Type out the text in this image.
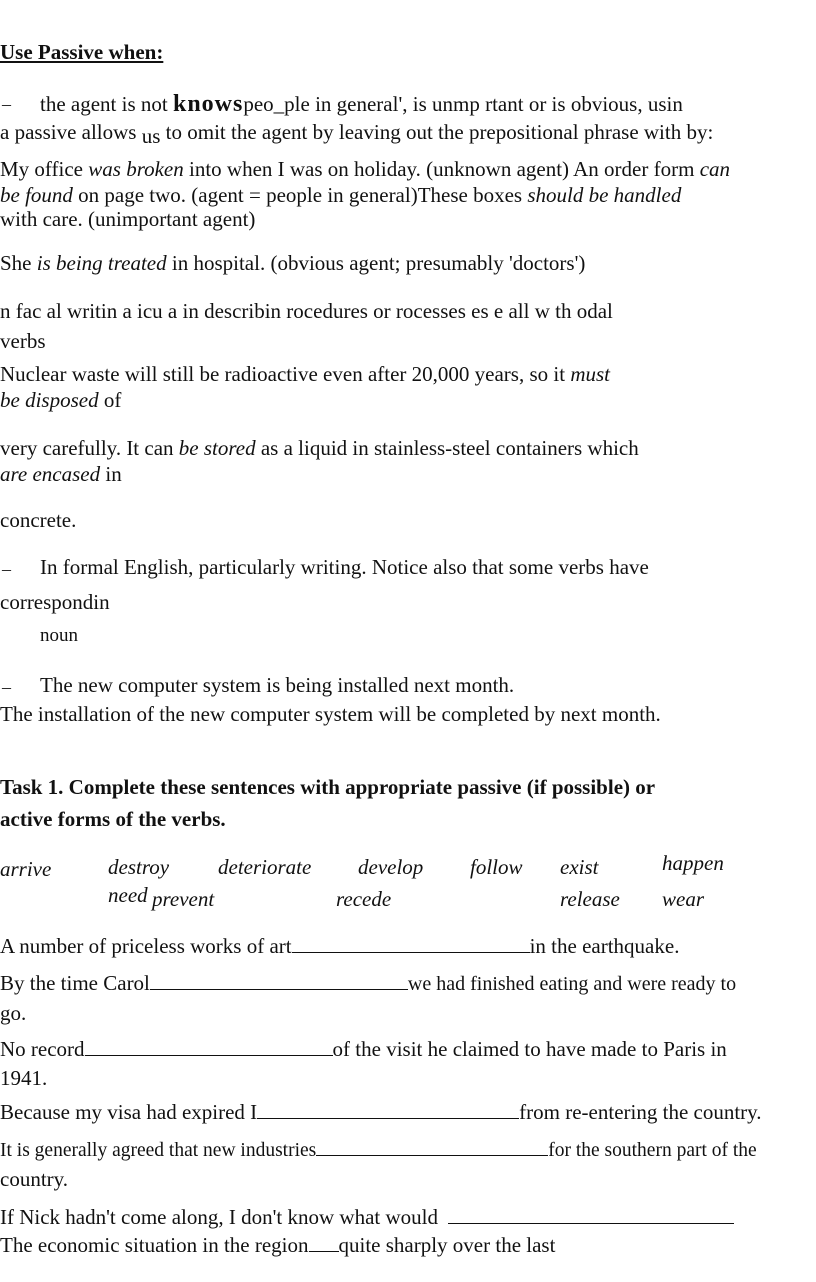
Use Passive when:
– the agent is not knowspeo_ple in general', is unmp rtant or is obvious, usin
a passive allows us to omit the agent by leaving out the prepositional phrase with by:
My office was broken into when I was on holiday. (unknown agent) An order form can
be found on page two. (agent = people in general)These boxes should be handled
with care. (unimportant agent)
She is being treated in hospital. (obvious agent; presumably 'doctors')
n fac al writin a icu a in describin rocedures or rocesses es e all w th odal
verbs
Nuclear waste will still be radioactive even after 20,000 years, so it must
be disposed of
very carefully. It can be stored as a liquid in stainless-steel containers which
are encased in
concrete.
– In formal English, particularly writing. Notice also that some verbs have
correspondin
noun
– The new computer system is being installed next month.
The installation of the new computer system will be completed by next month.
Task 1. Complete these sentences with appropriate passive (if possible) or
active forms of the verbs.
arrive	destroy deteriorate develop follow exist	happen
need prevent	recede	release wear
A number of priceless works of art	in the earthquake.
By the time Carol	we had finished eating and were ready to
go.
No record	of the visit he claimed to have made to Paris in
1941.
Because my visa had expired I	from re-entering the country.
It is generally agreed that new industries	for the southern part of the
country.
If Nick hadn't come along, I don't know what would
The economic situation in the region quite sharply over the last
